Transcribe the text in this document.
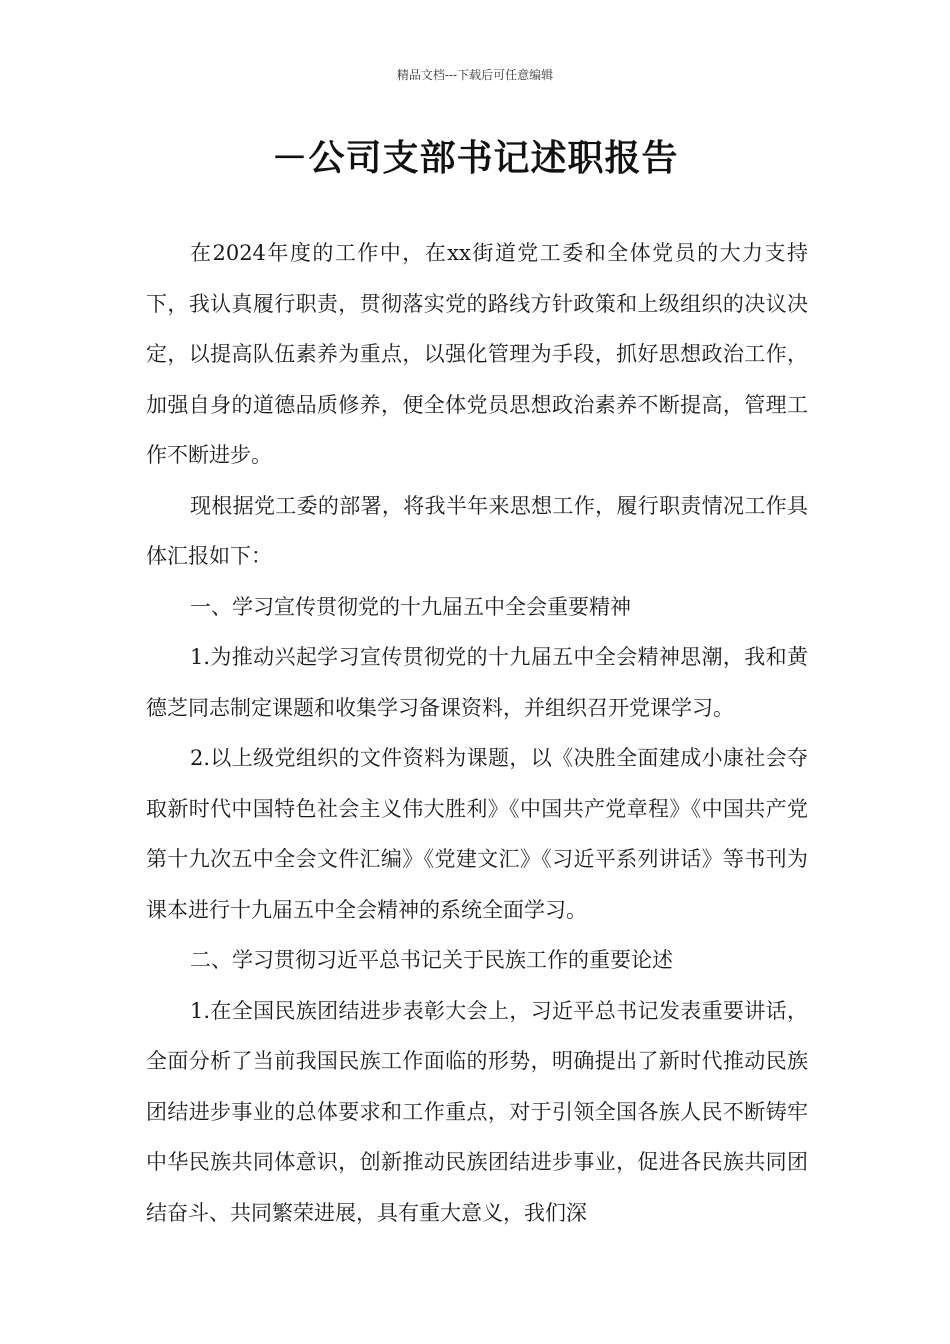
精品文档---下载后可任意编辑
－公司支部书记述职报告

在2024年度的工作中，在xx街道党工委和全体党员的大力支持下，我认真履行职责，贯彻落实党的路线方针政策和上级组织的决议决定，以提高队伍素养为重点，以强化管理为手段，抓好思想政治工作，加强自身的道德品质修养，便全体党员思想政治素养不断提高，管理工作不断进步。

现根据党工委的部署，将我半年来思想工作，履行职责情况工作具体汇报如下：

一、学习宣传贯彻党的十九届五中全会重要精神

1.为推动兴起学习宣传贯彻党的十九届五中全会精神思潮，我和黄德芝同志制定课题和收集学习备课资料，并组织召开党课学习。

2.以上级党组织的文件资料为课题，以《决胜全面建成小康社会夺取新时代中国特色社会主义伟大胜利》《中国共产党章程》《中国共产党第十九次五中全会文件汇编》《党建文汇》《习近平系列讲话》等书刊为课本进行十九届五中全会精神的系统全面学习。

二、学习贯彻习近平总书记关于民族工作的重要论述

1.在全国民族团结进步表彰大会上，习近平总书记发表重要讲话，全面分析了当前我国民族工作面临的形势，明确提出了新时代推动民族团结进步事业的总体要求和工作重点，对于引领全国各族人民不断铸牢中华民族共同体意识，创新推动民族团结进步事业，促进各民族共同团结奋斗、共同繁荣进展，具有重大意义，我们深
